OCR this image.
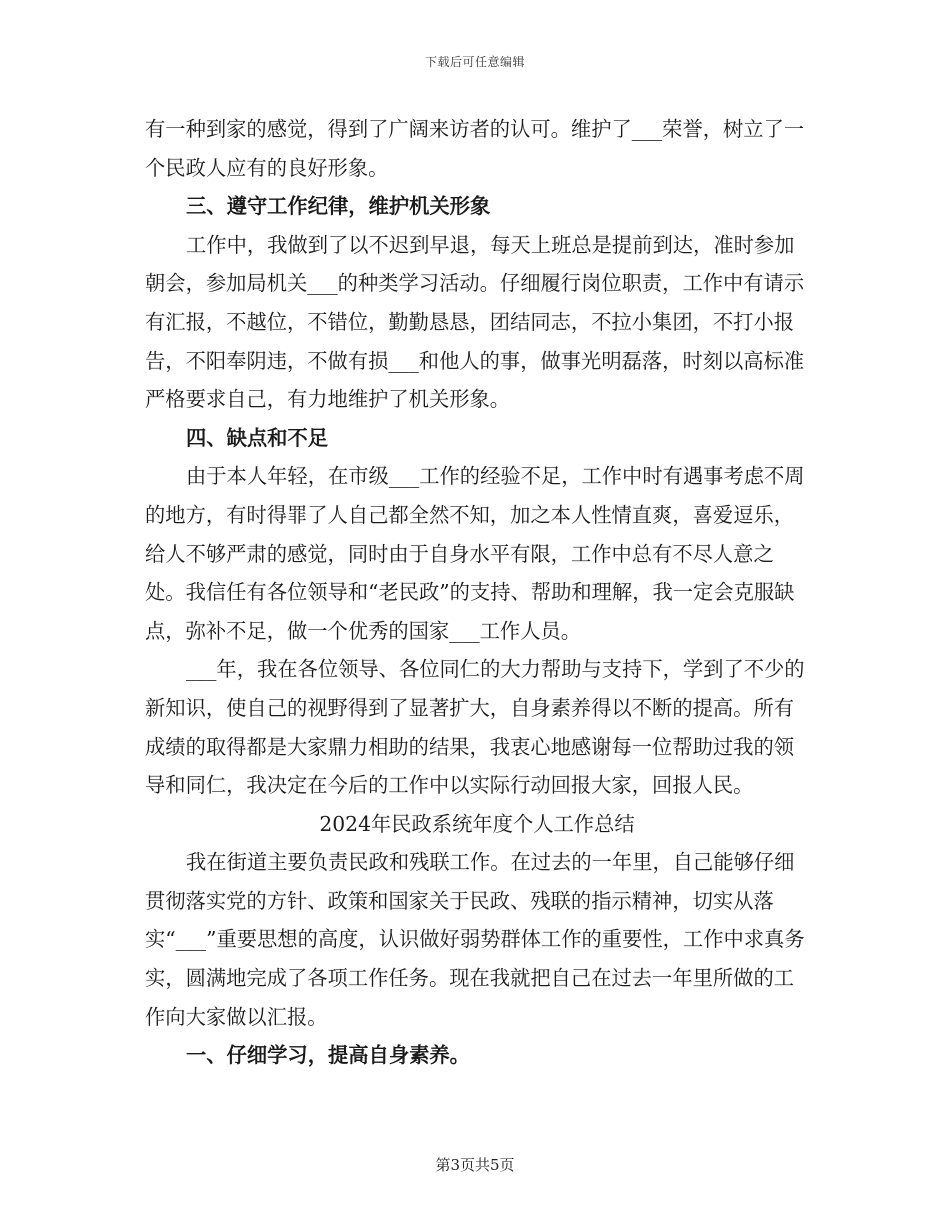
下载后可任意编辑

有一种到家的感觉，得到了广阔来访者的认可。维护了___荣誉，树立了一个民政人应有的良好形象。

三、遵守工作纪律，维护机关形象

工作中，我做到了以不迟到早退，每天上班总是提前到达，准时参加朝会，参加局机关___的种类学习活动。仔细履行岗位职责，工作中有请示有汇报，不越位，不错位，勤勤恳恳，团结同志，不拉小集团，不打小报告，不阳奉阴违，不做有损___和他人的事，做事光明磊落，时刻以高标准严格要求自己，有力地维护了机关形象。

四、缺点和不足

由于本人年轻，在市级___工作的经验不足，工作中时有遇事考虑不周的地方，有时得罪了人自己都全然不知，加之本人性情直爽，喜爱逗乐，给人不够严肃的感觉，同时由于自身水平有限，工作中总有不尽人意之处。我信任有各位领导和“老民政”的支持、帮助和理解，我一定会克服缺点，弥补不足，做一个优秀的国家___工作人员。

___年，我在各位领导、各位同仁的大力帮助与支持下，学到了不少的新知识，使自己的视野得到了显著扩大，自身素养得以不断的提高。所有成绩的取得都是大家鼎力相助的结果，我衷心地感谢每一位帮助过我的领导和同仁，我决定在今后的工作中以实际行动回报大家，回报人民。

2024年民政系统年度个人工作总结

我在街道主要负责民政和残联工作。在过去的一年里，自己能够仔细贯彻落实党的方针、政策和国家关于民政、残联的指示精神，切实从落实“___”重要思想的高度，认识做好弱势群体工作的重要性，工作中求真务实，圆满地完成了各项工作任务。现在我就把自己在过去一年里所做的工作向大家做以汇报。

一、仔细学习，提高自身素养。

第3页共5页
